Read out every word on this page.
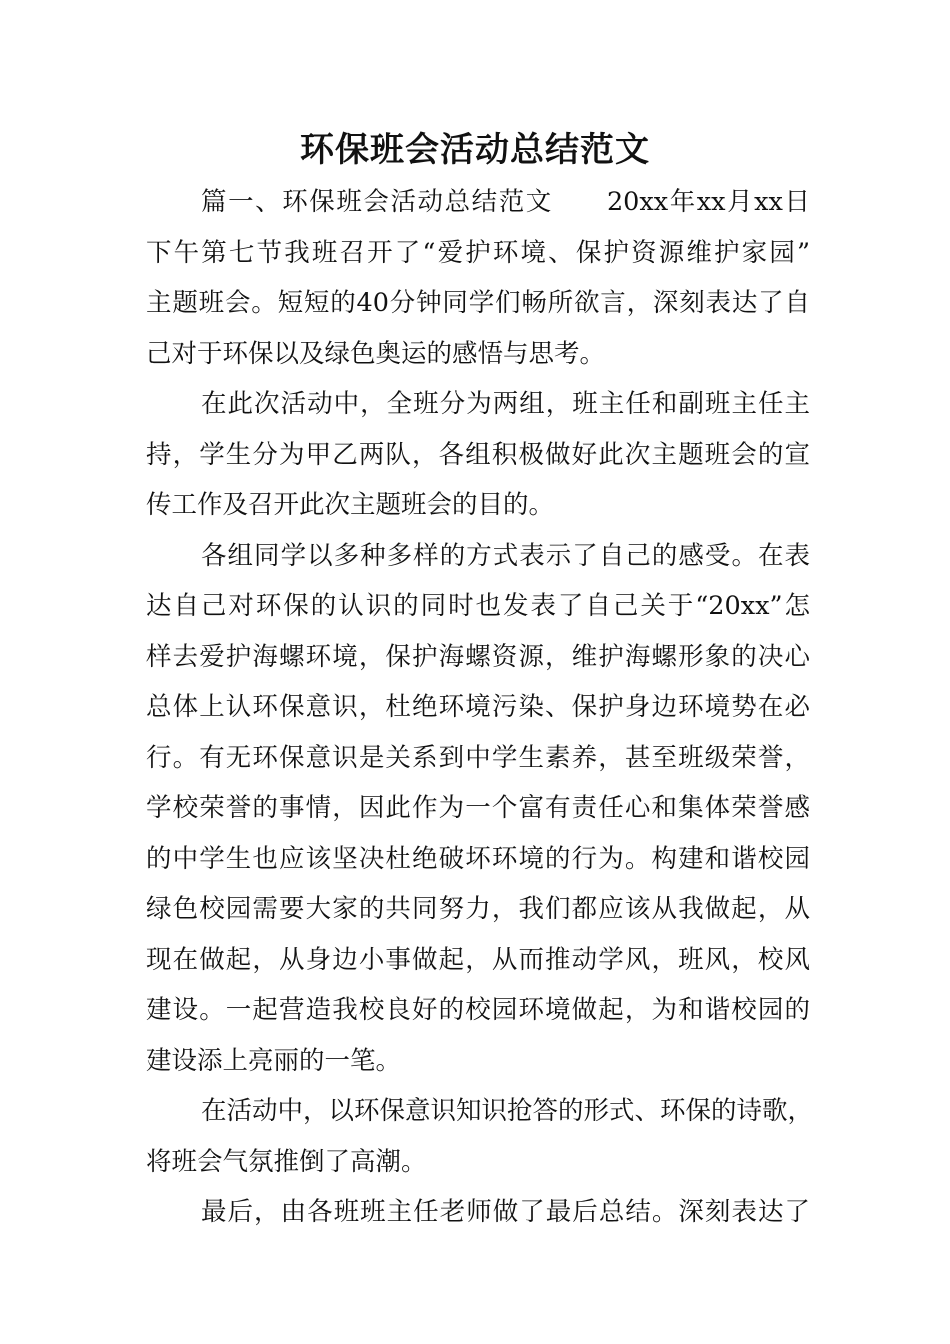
环保班会活动总结范文
篇一、环保班会活动总结范文　　20xx年xx月xx日
下午第七节我班召开了“爱护环境、保护资源维护家园”
主题班会。短短的40分钟同学们畅所欲言，深刻表达了自
己对于环保以及绿色奥运的感悟与思考。
在此次活动中，全班分为两组，班主任和副班主任主
持，学生分为甲乙两队，各组积极做好此次主题班会的宣
传工作及召开此次主题班会的目的。
各组同学以多种多样的方式表示了自己的感受。在表
达自己对环保的认识的同时也发表了自己关于“20xx”怎
样去爱护海螺环境，保护海螺资源，维护海螺形象的决心
总体上认环保意识，杜绝环境污染、保护身边环境势在必
行。有无环保意识是关系到中学生素养，甚至班级荣誉，
学校荣誉的事情，因此作为一个富有责任心和集体荣誉感
的中学生也应该坚决杜绝破坏环境的行为。构建和谐校园
绿色校园需要大家的共同努力，我们都应该从我做起，从
现在做起，从身边小事做起，从而推动学风，班风，校风
建设。一起营造我校良好的校园环境做起，为和谐校园的
建设添上亮丽的一笔。
在活动中，以环保意识知识抢答的形式、环保的诗歌，
将班会气氛推倒了高潮。
最后，由各班班主任老师做了最后总结。深刻表达了
